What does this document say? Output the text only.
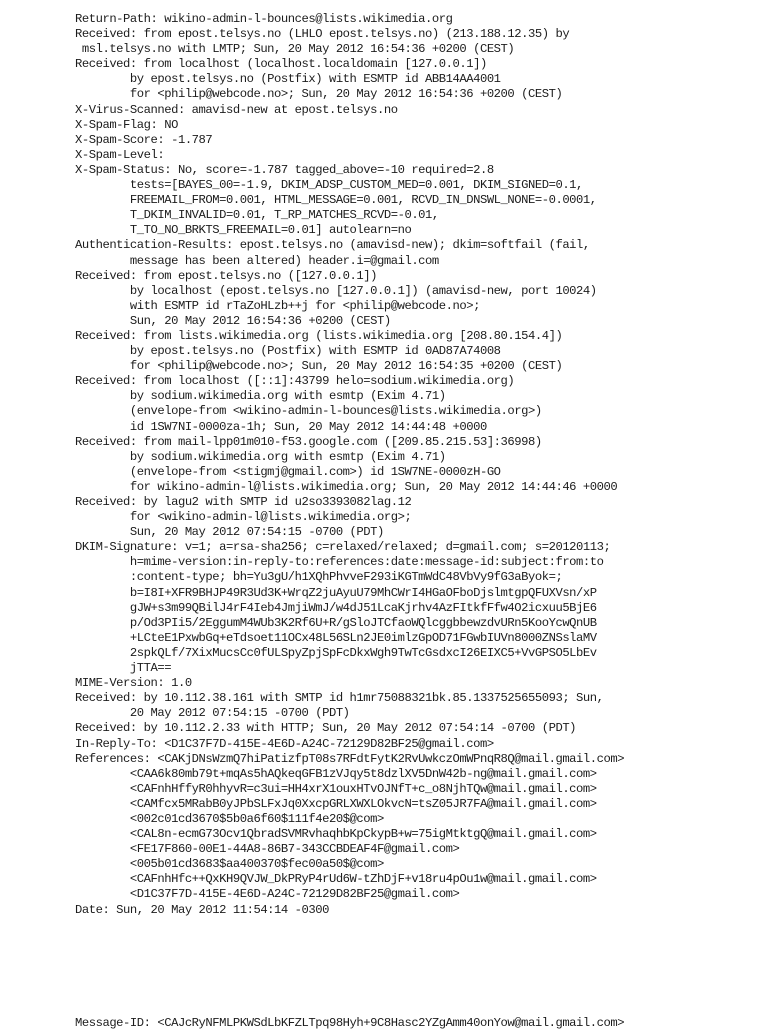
Return-Path: wikino-admin-l-bounces@lists.wikimedia.org
Received: from epost.telsys.no (LHLO epost.telsys.no) (213.188.12.35) by
msl.telsys.no with LMTP; Sun, 20 May 2012 16:54:36 +0200 (CEST)
Received: from localhost (localhost.localdomain [127.0.0.1])
by epost.telsys.no (Postfix) with ESMTP id ABB14AA4001
for <philip@webcode.no>; Sun, 20 May 2012 16:54:36 +0200 (CEST)
X-Virus-Scanned: amavisd-new at epost.telsys.no
X-Spam-Flag: NO
X-Spam-Score: -1.787
X-Spam-Level:
X-Spam-Status: No, score=-1.787 tagged_above=-10 required=2.8
tests=[BAYES_00=-1.9, DKIM_ADSP_CUSTOM_MED=0.001, DKIM_SIGNED=0.1,
FREEMAIL_FROM=0.001, HTML_MESSAGE=0.001, RCVD_IN_DNSWL_NONE=-0.0001,
T_DKIM_INVALID=0.01, T_RP_MATCHES_RCVD=-0.01,
T_TO_NO_BRKTS_FREEMAIL=0.01] autolearn=no
Authentication-Results: epost.telsys.no (amavisd-new); dkim=softfail (fail,
message has been altered) header.i=@gmail.com
Received: from epost.telsys.no ([127.0.0.1])
by localhost (epost.telsys.no [127.0.0.1]) (amavisd-new, port 10024)
with ESMTP id rTaZoHLzb++j for <philip@webcode.no>;
Sun, 20 May 2012 16:54:36 +0200 (CEST)
Received: from lists.wikimedia.org (lists.wikimedia.org [208.80.154.4])
by epost.telsys.no (Postfix) with ESMTP id 0AD87A74008
for <philip@webcode.no>; Sun, 20 May 2012 16:54:35 +0200 (CEST)
Received: from localhost ([::1]:43799 helo=sodium.wikimedia.org)
by sodium.wikimedia.org with esmtp (Exim 4.71)
(envelope-from <wikino-admin-l-bounces@lists.wikimedia.org>)
id 1SW7NI-0000za-1h; Sun, 20 May 2012 14:44:48 +0000
Received: from mail-lpp01m010-f53.google.com ([209.85.215.53]:36998)
by sodium.wikimedia.org with esmtp (Exim 4.71)
(envelope-from <stigmj@gmail.com>) id 1SW7NE-0000zH-GO
for wikino-admin-l@lists.wikimedia.org; Sun, 20 May 2012 14:44:46 +0000
Received: by lagu2 with SMTP id u2so3393082lag.12
for <wikino-admin-l@lists.wikimedia.org>;
Sun, 20 May 2012 07:54:15 -0700 (PDT)
DKIM-Signature: v=1; a=rsa-sha256; c=relaxed/relaxed; d=gmail.com; s=20120113;
h=mime-version:in-reply-to:references:date:message-id:subject:from:to
:content-type; bh=Yu3gU/h1XQhPhvveF293iKGTmWdC48VbVy9fG3aByok=;
b=I8I+XFR9BHJP49R3Ud3K+WrqZ2juAyuU79MhCWrI4HGaOFboDjslmtgpQFUXVsn/xP
gJW+s3m99QBilJ4rF4Ieb4JmjiWmJ/w4dJ51LcaKjrhv4AzFItkfFfw4O2icxuu5BjE6
p/Od3PIi5/2EggumM4WUb3K2Rf6U+R/gSloJTCfaoWQlcggbbewzdvURn5KooYcwQnUB
+LCteE1PxwbGq+eTdsoet11OCx48L56SLn2JE0imlzGpOD71FGwbIUVn8000ZNSslaMV
2spkQLf/7XixMucsCc0fULSpyZpjSpFcDkxWgh9TwTcGsdxcI26EIXC5+VvGPSO5LbEv
jTTA==
MIME-Version: 1.0
Received: by 10.112.38.161 with SMTP id h1mr75088321bk.85.1337525655093; Sun,
20 May 2012 07:54:15 -0700 (PDT)
Received: by 10.112.2.33 with HTTP; Sun, 20 May 2012 07:54:14 -0700 (PDT)
In-Reply-To: <D1C37F7D-415E-4E6D-A24C-72129D82BF25@gmail.com>
References: <CAKjDNsWzmQ7hiPatizfpT08s7RFdtFytK2RvUwkczOmWPnqR8Q@mail.gmail.com>
<CAA6k80mb79t+mqAs5hAQkeqGFB1zVJqy5t8dzlXV5DnW42b-ng@mail.gmail.com>
<CAFnhHffyR0hhyvR=c3ui=HH4xrX1ouxHTvOJNfT+c_o8NjhTQw@mail.gmail.com>
<CAMfcx5MRabB0yJPbSLFxJq0XxcpGRLXWXLOkvcN=tsZ05JR7FA@mail.gmail.com>
<002c01cd3670$5b0a6f60$111f4e20$@com>
<CAL8n-ecmG73Ocv1QbradSVMRvhaqhbKpCkypB+w=75igMtktgQ@mail.gmail.com>
<FE17F860-00E1-44A8-86B7-343CCBDEAF4F@gmail.com>
<005b01cd3683$aa400370$fec00a50$@com>
<CAFnhHfc++QxKH9QVJW_DkPRyP4rUd6W-tZhDjF+v18ru4pOu1w@mail.gmail.com>
<D1C37F7D-415E-4E6D-A24C-72129D82BF25@gmail.com>
Date: Sun, 20 May 2012 11:54:14 -0300
Message-ID: <CAJcRyNFMLPKWSdLbKFZLTpq98Hyh+9C8Hasc2YZgAmm40onYow@mail.gmail.com>
